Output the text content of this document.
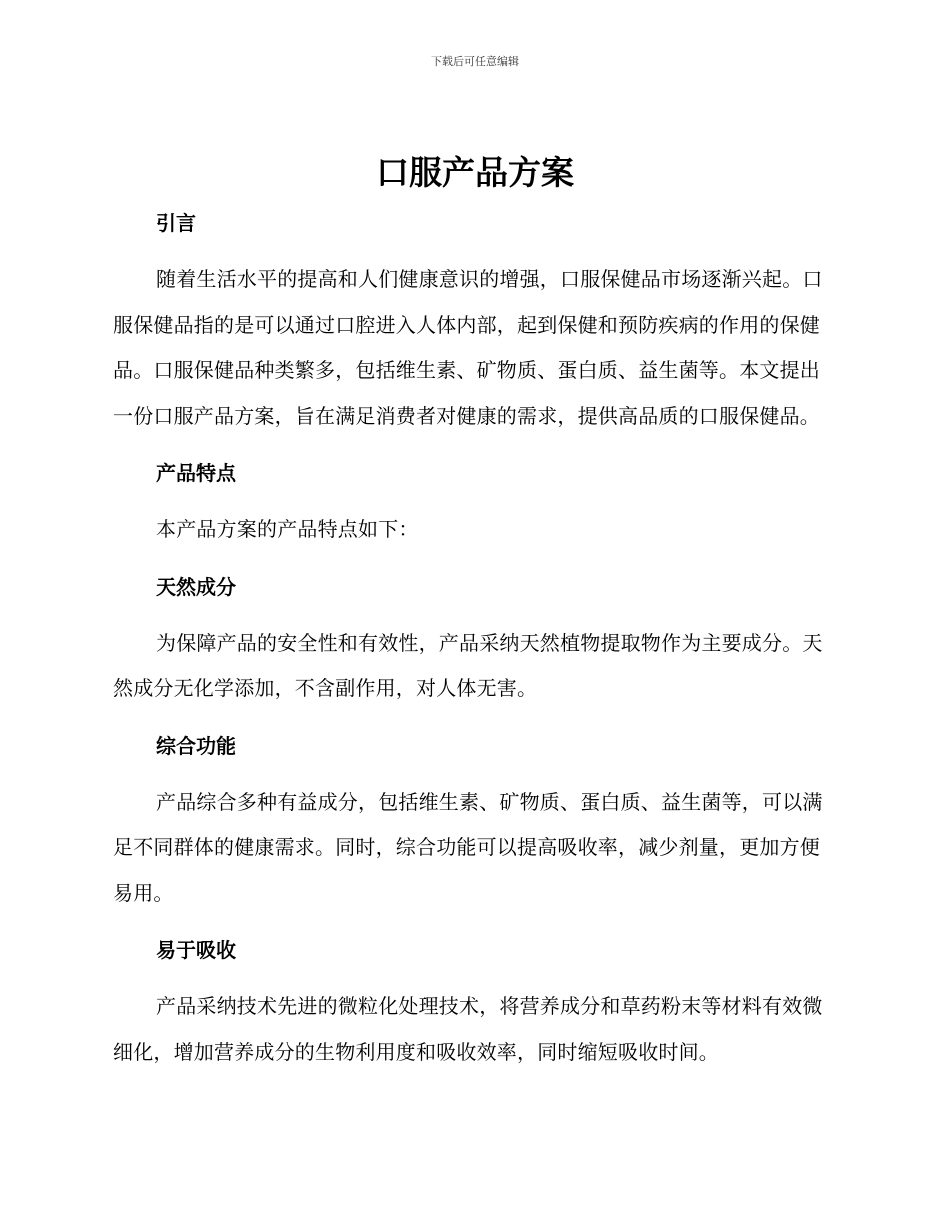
下载后可任意编辑
口服产品方案
引言

随着生活水平的提高和人们健康意识的增强，口服保健品市场逐渐兴起。口服保健品指的是可以通过口腔进入人体内部，起到保健和预防疾病的作用的保健品。口服保健品种类繁多，包括维生素、矿物质、蛋白质、益生菌等。本文提出一份口服产品方案，旨在满足消费者对健康的需求，提供高品质的口服保健品。

产品特点

本产品方案的产品特点如下：

天然成分

为保障产品的安全性和有效性，产品采纳天然植物提取物作为主要成分。天然成分无化学添加，不含副作用，对人体无害。

综合功能

产品综合多种有益成分，包括维生素、矿物质、蛋白质、益生菌等，可以满足不同群体的健康需求。同时，综合功能可以提高吸收率，减少剂量，更加方便易用。

易于吸收

产品采纳技术先进的微粒化处理技术，将营养成分和草药粉末等材料有效微细化，增加营养成分的生物利用度和吸收效率，同时缩短吸收时间。
